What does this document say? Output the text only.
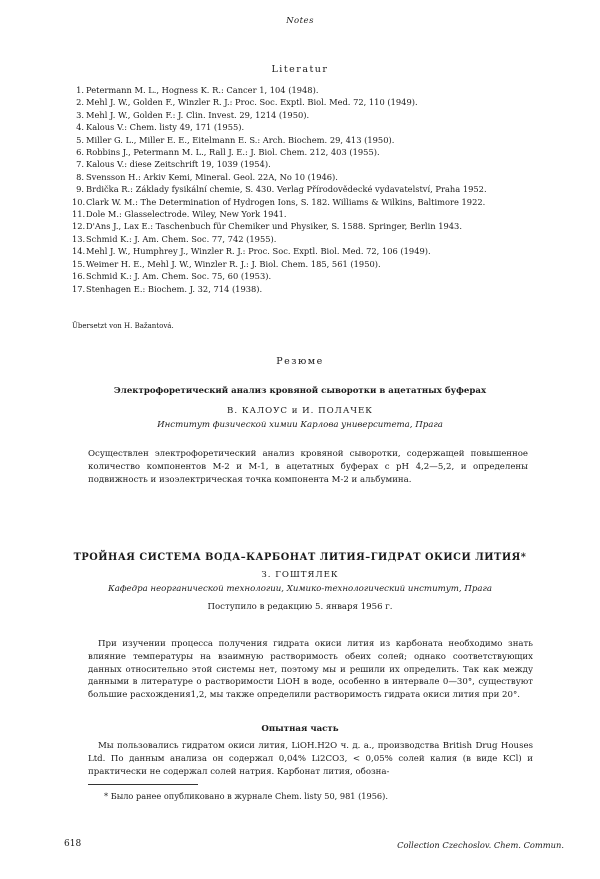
Notes
Literatur
1. Petermann M. L., Hogness K. R.: Cancer 1, 104 (1948).
2. Mehl J. W., Golden F., Winzler R. J.: Proc. Soc. Exptl. Biol. Med. 72, 110 (1949).
3. Mehl J. W., Golden F.: J. Clin. Invest. 29, 1214 (1950).
4. Kalous V.: Chem. listy 49, 171 (1955).
5. Miller G. L., Miller E. E., Eitelmann E. S.: Arch. Biochem. 29, 413 (1950).
6. Robbins J., Petermann M. L., Rall J. E.: J. Biol. Chem. 212, 403 (1955).
7. Kalous V.: diese Zeitschrift 19, 1039 (1954).
8. Svensson H.: Arkiv Kemi, Mineral. Geol. 22A, No 10 (1946).
9. Brdička R.: Základy fysikální chemie, S. 430. Verlag Přírodovědecké vydavatelství, Praha 1952.
10. Clark W. M.: The Determination of Hydrogen Ions, S. 182. Williams & Wilkins, Baltimore 1922.
11. Dole M.: Glasselectrode. Wiley, New York 1941.
12. D'Ans J., Lax E.: Taschenbuch für Chemiker und Physiker, S. 1588. Springer, Berlin 1943.
13. Schmid K.: J. Am. Chem. Soc. 77, 742 (1955).
14. Mehl J. W., Humphrey J., Winzler R. J.: Proc. Soc. Exptl. Biol. Med. 72, 106 (1949).
15. Weimer H. E., Mehl J. W., Winzler R. J.: J. Biol. Chem. 185, 561 (1950).
16. Schmid K.: J. Am. Chem. Soc. 75, 60 (1953).
17. Stenhagen E.: Biochem. J. 32, 714 (1938).
Übersetzt von H. Bažantová.
Резюме
Электрофоретический анализ кровяной сыворотки в ацетатных буферах
В. КАЛОУС и И. ПОЛАЧЕК
Институт физической химии Карлова университета, Прага
Осуществлен электрофоретический анализ кровяной сыворотки, содержащей повышенное количество компонентов М-2 и М-1, в ацетатных буферах с pH 4,2—5,2, и определены подвижность и изоэлектрическая точка компонента М-2 и альбумина.
ТРОЙНАЯ СИСТЕМА ВОДА–КАРБОНАТ ЛИТИЯ–ГИДРАТ ОКИСИ ЛИТИЯ*
З. ГОШТЯЛЕК
Кафедра неорганической технологии, Химико-технологический институт, Прага
Поступило в редакцию 5. января 1956 г.
При изучении процесса получения гидрата окиси лития из карбоната необходимо знать влияние температуры на взаимную растворимость обеих солей; однако соответствующих данных относительно этой системы нет, поэтому мы и решили их определить. Так как между данными в литературе о растворимости LiOH в воде, особенно в интервале 0—30°, существуют большие расхождения1,2, мы также определили растворимость гидрата окиси лития при 20°.
Опытная часть
Мы пользовались гидратом окиси лития, LiOH.H2O ч. д. а., производства British Drug Houses Ltd. По данным анализа он содержал 0,04% Li2CO3, < 0,05% солей калия (в виде KCl) и практически не содержал солей натрия. Карбонат лития, обозна-
* Было ранее опубликовано в журнале Chem. listy 50, 981 (1956).
618	Collection Czechoslov. Chem. Commun.
